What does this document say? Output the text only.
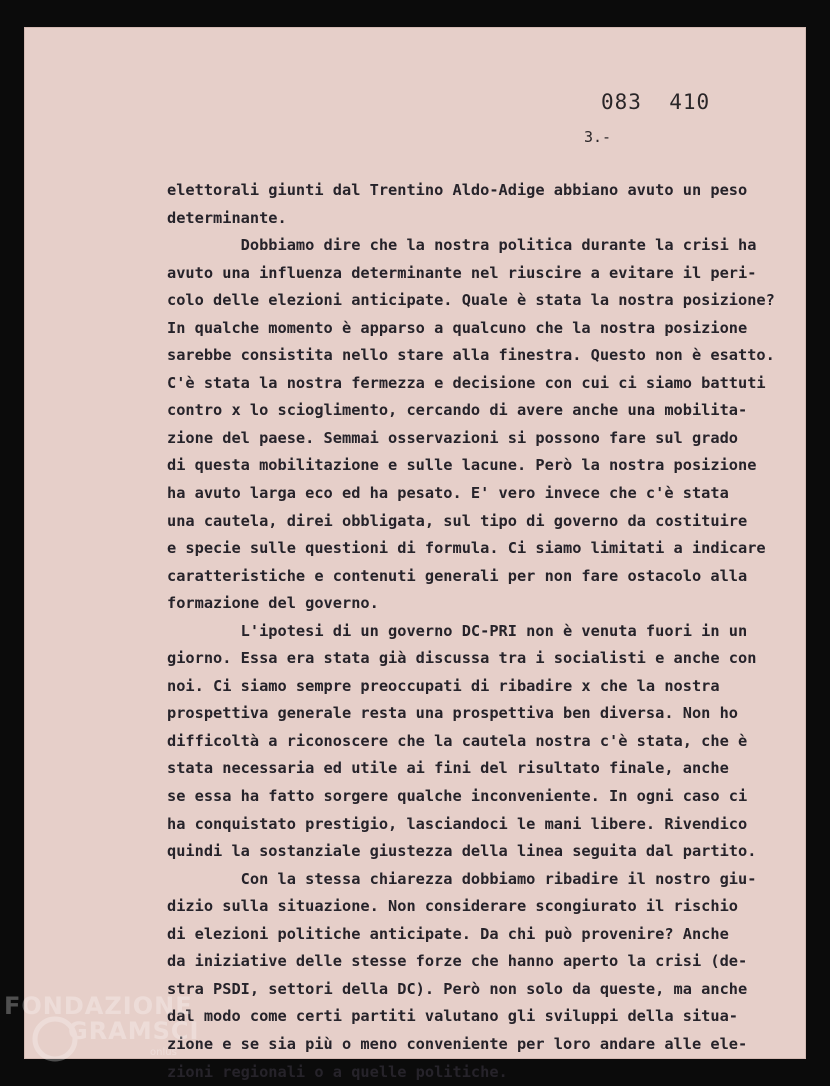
083  410
3.-
elettorali giunti dal Trentino Aldo-Adige abbiano avuto un peso
determinante.
Dobbiamo dire che la nostra politica durante la crisi ha
avuto una influenza determinante nel riuscire a evitare il peri-
colo delle elezioni anticipate. Quale è stata la nostra posizione?
In qualche momento è apparso a qualcuno che la nostra posizione
sarebbe consistita nello stare alla finestra. Questo non è esatto.
C'è stata la nostra fermezza e decisione con cui ci siamo battuti
contro x lo scioglimento, cercando di avere anche una mobilita-
zione del paese. Semmai osservazioni si possono fare sul grado
di questa mobilitazione e sulle lacune. Però la nostra posizione
ha avuto larga eco ed ha pesato. E' vero invece che c'è stata
una cautela, direi obbligata, sul tipo di governo da costituire
e specie sulle questioni di formula. Ci siamo limitati a indicare
caratteristiche e contenuti generali per non fare ostacolo alla
formazione del governo.
L'ipotesi di un governo DC-PRI non è venuta fuori in un
giorno. Essa era stata già discussa tra i socialisti e anche con
noi. Ci siamo sempre preoccupati di ribadire x che la nostra
prospettiva generale resta una prospettiva ben diversa. Non ho
difficoltà a riconoscere che la cautela nostra c'è stata, che è
stata necessaria ed utile ai fini del risultato finale, anche
se essa ha fatto sorgere qualche inconveniente. In ogni caso ci
ha conquistato prestigio, lasciandoci le mani libere. Rivendico
quindi la sostanziale giustezza della linea seguita dal partito.
Con la stessa chiarezza dobbiamo ribadire il nostro giu-
dizio sulla situazione. Non considerare scongiurato il rischio
di elezioni politiche anticipate. Da chi può provenire? Anche
da iniziative delle stesse forze che hanno aperto la crisi (de-
stra PSDI, settori della DC). Però non solo da queste, ma anche
dal modo come certi partiti valutano gli sviluppi della situa-
zione e se sia più o meno conveniente per loro andare alle ele-
zioni regionali o a quelle politiche.
FONDAZIONE
GRAMSCI
onlus
